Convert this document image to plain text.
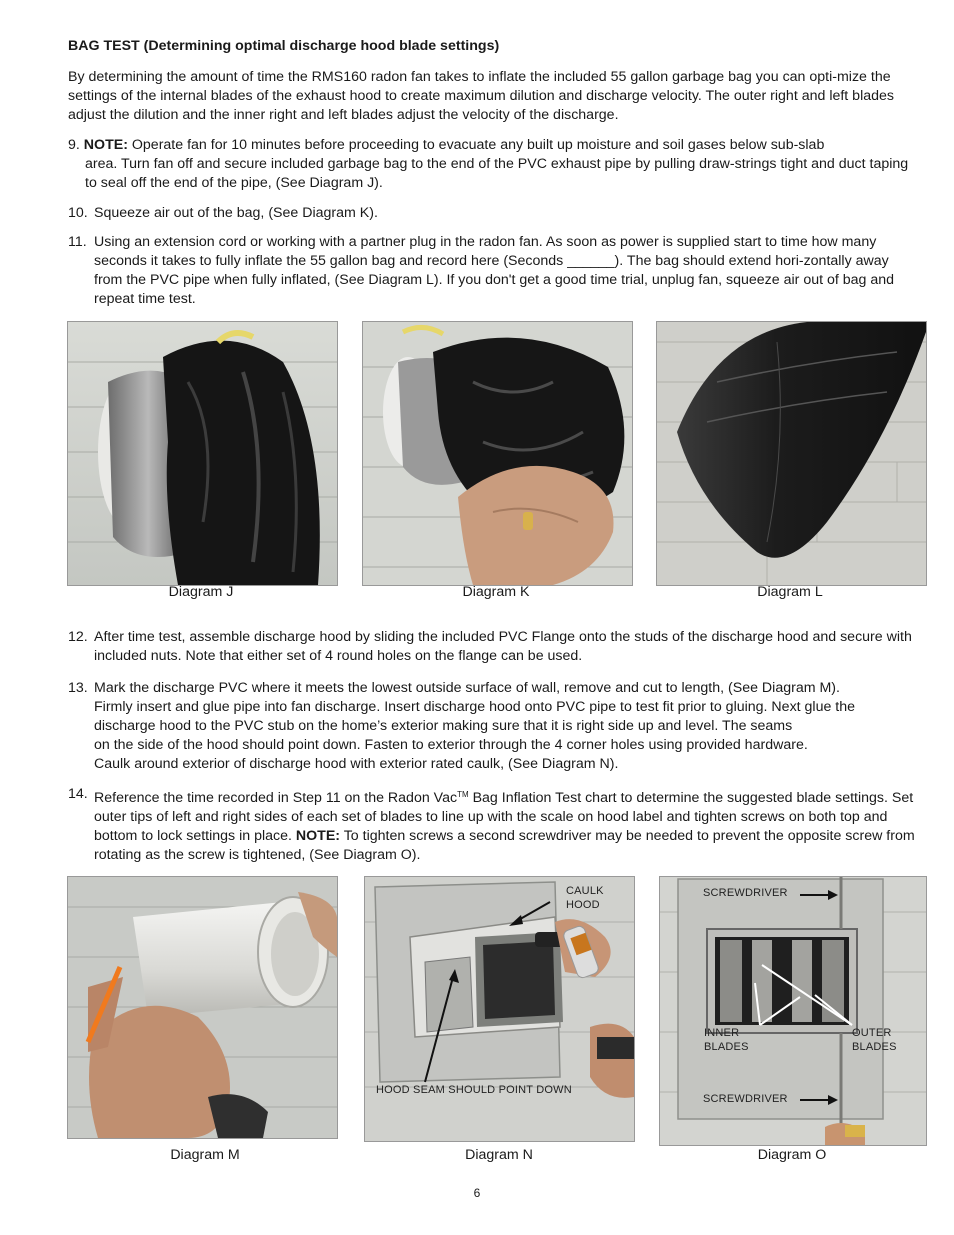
BAG TEST (Determining optimal discharge hood blade settings)
By determining the amount of time the RMS160 radon fan takes to inflate the included 55 gallon garbage bag you can opti-mize the settings of the internal blades of the exhaust hood to create maximum dilution and discharge velocity. The outer right and left blades adjust the dilution and the inner right and left blades adjust the velocity of the discharge.
9. NOTE: Operate fan for 10 minutes before proceeding to evacuate any built up moisture and soil gases below sub-slab
area. Turn fan off and secure included garbage bag to the end of the PVC exhaust pipe by pulling draw-strings tight and duct taping to seal off the end of the pipe, (See Diagram J).
10. Squeeze air out of the bag, (See Diagram K).
11. Using an extension cord or working with a partner plug in the radon fan. As soon as power is supplied start to time how many seconds it takes to fully inflate the 55 gallon bag and record here (Seconds ______). The bag should extend hori-zontally away from the PVC pipe when fully inflated, (See Diagram L). If you don't get a good time trial, unplug fan, squeeze air out of bag and repeat time test.
Diagram J	Diagram K	Diagram L
12. After time test, assemble discharge hood by sliding the included PVC Flange onto the studs of the discharge hood and secure with included nuts. Note that either set of 4 round holes on the flange can be used.
13. Mark the discharge PVC where it meets the lowest outside surface of wall, remove and cut to length, (See Diagram M).
Firmly insert and glue pipe into fan discharge. Insert discharge hood onto PVC pipe to test fit prior to gluing. Next glue the
discharge hood to the PVC stub on the home’s exterior making sure that it is right side up and level. The seams
on the side of the hood should point down. Fasten to exterior through the 4 corner holes using provided hardware.
Caulk around exterior of discharge hood with exterior rated caulk, (See Diagram N).
14. Reference the time recorded in Step 11 on the Radon Vac™ Bag Inflation Test chart to determine the suggested blade settings. Set outer tips of left and right sides of each set of blades to line up with the scale on hood label and tighten screws on both top and bottom to lock settings in place. NOTE: To tighten screws a second screwdriver may be needed to prevent the opposite screw from rotating as the screw is tightened, (See Diagram O).
CAULK
HOOD
HOOD SEAM SHOULD POINT DOWN
SCREWDRIVER
INNER
BLADES
OUTER
BLADES
SCREWDRIVER
Diagram M	Diagram N	Diagram O
6
